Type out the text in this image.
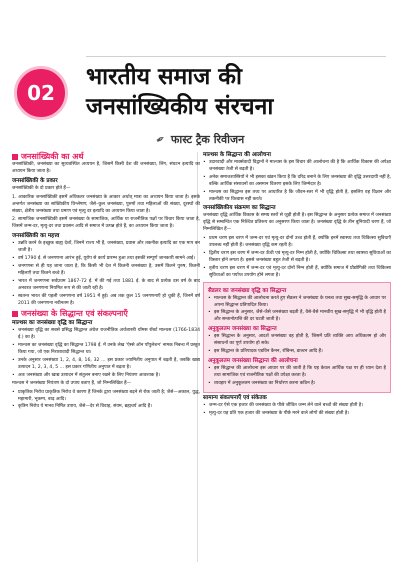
02
भारतीय समाज की
जनसांख्यिकीय संरचना
✒ फास्ट ट्रैक रिवीजन
जनसांख्यिकी का अर्थ
जनसांख्यिकी, जनसंख्या का सुव्यवस्थित अध्ययन है, जिसमें किसी देश की जनसंख्या, लिंग, संघटन इत्यादि का अध्ययन किया जाता है।
जनसांख्यिकी के प्रकार
जनसांख्यिकी के दो प्रकार होते हैं—
1. आकारिक जनसांख्यिकी इसमें अधिकतर जनसंख्या के आकार अर्थात् मात्रा का अध्ययन किया जाता है। इसके अन्तर्गत जनसंख्या का सांख्यिकीय विश्लेषण; जैसे–कुल जनसंख्या, पुरुषों तथा महिलाओं की संख्या, दूरस्थों की संख्या, क्षेत्रीय जनसंख्या तथा प्रमाण एवं मृत्यु दर इत्यादि का अध्ययन किया जाता है।
2. सामाजिक जनसांख्यिकी इसमें जनसंख्या के सामाजिक, आर्थिक या राजनीतिक पक्षों पर विचार किया जाता है, जिसमें जन्म-दर, मृत्यु-दर तथा प्रवसन आदि से समाज में उत्पन्न होते हैं, का अध्ययन किया जाता है।
जनसांख्यिकी का महत्त्व
• उन्नति करने के इच्छुक बाह्य देशों, जिनमें राज्य भी हैं, जनसंख्या, प्रवास और तकनीक इत्यादि का एक माप बन जाती है।
• वर्ष 1790 ई. से जनगणना आरंभ हुई, यूरोप से कार्य प्रारम्भ हुआ तथा इसकी सम्पूर्ण जानकारी सामने आई।
• जनगणना से ही यह जाना जाता है, कि किसी भी देश में कितनी जनसंख्या है, उसमें कितने पुरुष, कितनी महिलाएँ तथा कितने बच्चे हैं।
• भारत में जनगणना सर्वप्रथम 1867-72 ई. में की गई तथा 1881 ई. के बाद से प्रत्येक दस वर्ष के बाद अनवरत जनगणना नियमित रूप से की जाती रही है।
• स्वतन्त्र भारत की पहली जनगणना वर्ष 1951 में हुई। अब तक कुल 15 जनगणनाएँ हो चुकी हैं, जिनमें वर्ष 2011 की जनगणना नवीनतम है।
जनसंख्या के सिद्धान्त एवं संकल्पनाएँ
माल्थस का जनसंख्या वृद्धि का सिद्धान्त
• जनसंख्या वृद्धि का सबसे प्रसिद्ध सिद्धान्त अंग्रेज राजनीतिक अर्थशास्त्री थॉमस रॉबर्ट माल्थस (1766-1834 ई.) का है।
• माल्थस का जनसंख्या वृद्धि का सिद्धान्त 1798 ई. में उनके लेख 'ऐस्से ऑन पॉपुलेशन' नामक निबन्ध में प्रस्तुत किया गया, जो एक निराशावादी सिद्धान्त था।
• उनके अनुसार जनसंख्या 1, 2, 4, 8, 16, 32 ... इस प्रकार ज्यामितीय अनुपात में बढ़ती है, जबकि खाद्य उत्पादन 1, 2, 3, 4, 5 ... इस प्रकार गणितीय अनुपात में बढ़ता है।
• अतः जनसंख्या और खाद्य उत्पादन में संतुलन बनाए रखने के लिए नियंत्रण आवश्यक है।
माल्थस ने जनसंख्या नियंत्रण के दो उपाय बताए हैं, जो निम्नलिखित हैं—
• प्राकृतिक निरोध प्राकृतिक निरोध वे कारण हैं जिनके द्वारा जनसंख्या बढ़ने से रोक जाती है; जैसे—अकाल, युद्ध, महामारी, भूकम्प, बाढ़ आदि।
• कृत्रिम निरोध ये मानव निर्मित उपाय, जैसे—देर से विवाह, संयम, ब्रह्मचर्य आदि हैं।
माल्थस के सिद्धान्त की आलोचना
• उदारवादी और मार्क्सवादी विद्वानों ने माल्थस के इस विचार की आलोचना की है कि आर्थिक विकास की अपेक्षा जनसंख्या तेजी से बढ़ती है।
• अनेक समाजशास्त्रियों ने भी इसका खंडन किया है कि दरिद्र बनाने के लिए जनसंख्या की वृद्धि उत्तरदायी नहीं है, बल्कि आर्थिक संसाधनों का असमान वितरण इसके लिए जिम्मेदार है।
• माल्थस का सिद्धान्त इस तथ्य पर आधारित है कि जीवन-स्तर में भी वृद्धि होती है, इसलिए वह विज्ञान और तकनीकी पर विश्वास नहीं करते।
जनसांख्यिकीय संक्रमण का सिद्धान्त
जनसंख्या वृद्धि आर्थिक विकास के समग्र स्तरों से जुड़ी होती है। इस सिद्धान्त के अनुसार प्रत्येक समाज में जनसंख्या वृद्धि से सम्बन्धित एक निश्चित प्रतिरूप का अनुसरण किया जाता है। जनसंख्या वृद्धि के तीन बुनियादी चरण हैं, जो निम्नलिखित हैं—
• प्रथम चरण इस चरण में जन्म-दर एवं मृत्यु-दर दोनों उच्च होती हैं, क्योंकि इनमें स्वास्थ्य तथा चिकित्सा सुविधाएँ उपलब्ध नहीं होती हैं। जनसंख्या वृद्धि कम रहती है।
• द्वितीय चरण इस चरण में जन्म-दर ऊँची एवं मृत्यु-दर निम्न होती है, क्योंकि चिकित्सा तथा स्वास्थ्य सुविधाओं का विस्तार होने लगता है। इससे जनसंख्या बहुत तेजी से बढ़ती है।
• तृतीय चरण इस चरण में जन्म-दर एवं मृत्यु-दर दोनों निम्न होती हैं, क्योंकि समाज में प्रौद्योगिकी तथा चिकित्सा सुविधाओं का पर्याप्त उपयोग होने लगता है।
सैडलर का जनसंख्या वृद्धि का सिद्धान्त
• माल्थस के सिद्धान्त की आलोचना करते हुए सैडलर ने जनसंख्या के घनत्व तथा सुख-समृद्धि के आधार पर अपना सिद्धान्त प्रतिपादित किया।
• इस सिद्धान्त के अनुसार, जैसे-जैसे जनसंख्या बढ़ती है, वैसे-वैसे मानवीय सुख-समृद्धि में भी वृद्धि होती है और सन्तानोत्पत्ति की दर घटती जाती है।
अनुकूलतम जनसंख्या का सिद्धान्त
• इस सिद्धान्त के अनुसार, आदर्श जनसंख्या वह होती है, जिसमें प्रति व्यक्ति आय अधिकतम हो और संसाधनों का पूर्ण उपयोग हो सके।
• इस सिद्धान्त के प्रतिपादक एडविन कैनन, रॉबिन्स, डाल्टन आदि हैं।
अनुकूलतम जनसंख्या सिद्धान्त की आलोचना
• इस सिद्धान्त की आलोचना इस आधार पर की जाती है कि यह केवल आर्थिक पक्ष पर ही ध्यान देता है तथा सामाजिक एवं राजनीतिक पक्षों की उपेक्षा करता है।
• व्यवहार में अनुकूलतम जनसंख्या का निर्धारण करना कठिन है।
सामान्य संकल्पनाएँ एवं संकेतक
• जन्म-दर ऐसे एक हजार की जनसंख्या के पीछे जीवित जन्म लेने वाले बच्चों की संख्या होती है।
• मृत्यु-दर यह प्रति एक हजार की जनसंख्या के पीछे मरने वाले लोगों की संख्या होती है।
